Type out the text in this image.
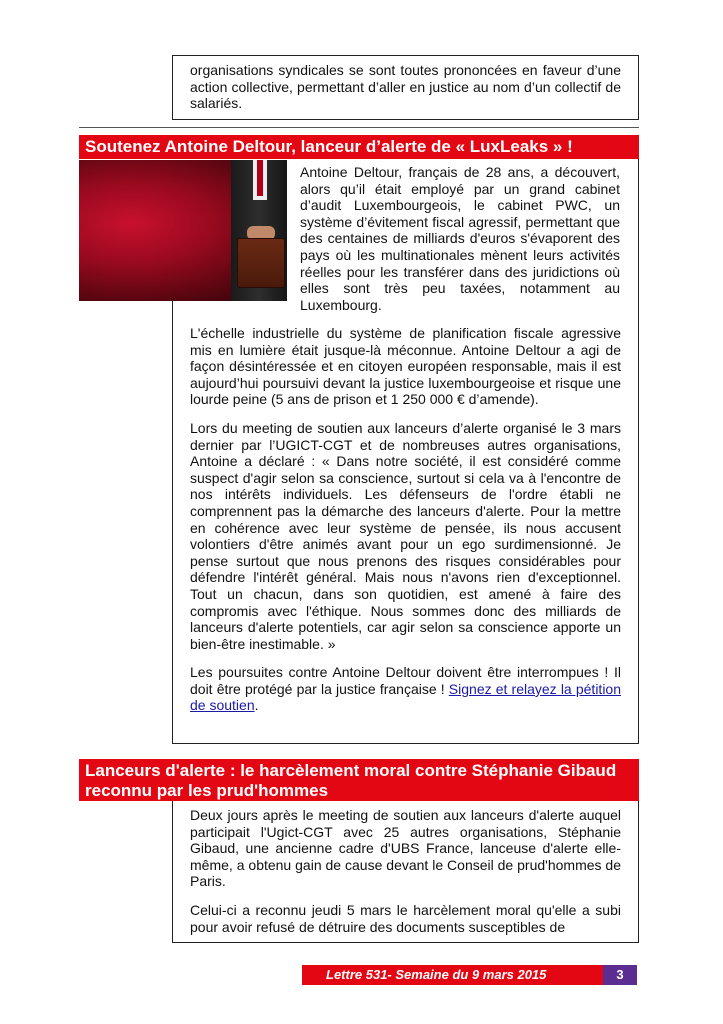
organisations syndicales se sont toutes prononcées en faveur d’une action collective, permettant d’aller en justice au nom d’un collectif de salariés.

Soutenez Antoine Deltour, lanceur d’alerte de « LuxLeaks » !

Antoine Deltour, français de 28 ans, a découvert, alors qu’il était employé par un grand cabinet d’audit Luxembourgeois, le cabinet PWC, un système d’évitement fiscal agressif, permettant que des centaines de milliards d'euros s'évaporent des pays où les multinationales mènent leurs activités réelles pour les transférer dans des juridictions où elles sont très peu taxées, notamment au Luxembourg.

L'échelle industrielle du système de planification fiscale agressive mis en lumière était jusque-là méconnue. Antoine Deltour a agi de façon désintéressée et en citoyen européen responsable, mais il est aujourd’hui poursuivi devant la justice luxembourgeoise et risque une lourde peine (5 ans de prison et 1 250 000 € d’amende).

Lors du meeting de soutien aux lanceurs d’alerte organisé le 3 mars dernier par l’UGICT-CGT et de nombreuses autres organisations, Antoine a déclaré : « Dans notre société, il est considéré comme suspect d'agir selon sa conscience, surtout si cela va à l'encontre de nos intérêts individuels. Les défenseurs de l'ordre établi ne comprennent pas la démarche des lanceurs d'alerte. Pour la mettre en cohérence avec leur système de pensée, ils nous accusent volontiers d'être animés avant pour un ego surdimensionné. Je pense surtout que nous prenons des risques considérables pour défendre l'intérêt général. Mais nous n'avons rien d'exceptionnel. Tout un chacun, dans son quotidien, est amené à faire des compromis avec l'éthique. Nous sommes donc des milliards de lanceurs d'alerte potentiels, car agir selon sa conscience apporte un bien-être inestimable. »

Les poursuites contre Antoine Deltour doivent être interrompues ! Il doit être protégé par la justice française ! Signez et relayez la pétition de soutien.

Lanceurs d'alerte : le harcèlement moral contre Stéphanie Gibaud reconnu par les prud'hommes

Deux jours après le meeting de soutien aux lanceurs d'alerte auquel participait l'Ugict-CGT avec 25 autres organisations, Stéphanie Gibaud, une ancienne cadre d'UBS France, lanceuse d'alerte elle-même, a obtenu gain de cause devant le Conseil de prud'hommes de Paris.

Celui-ci a reconnu jeudi 5 mars le harcèlement moral qu'elle a subi pour avoir refusé de détruire des documents susceptibles de

Lettre 531- Semaine du 9 mars 2015	3
